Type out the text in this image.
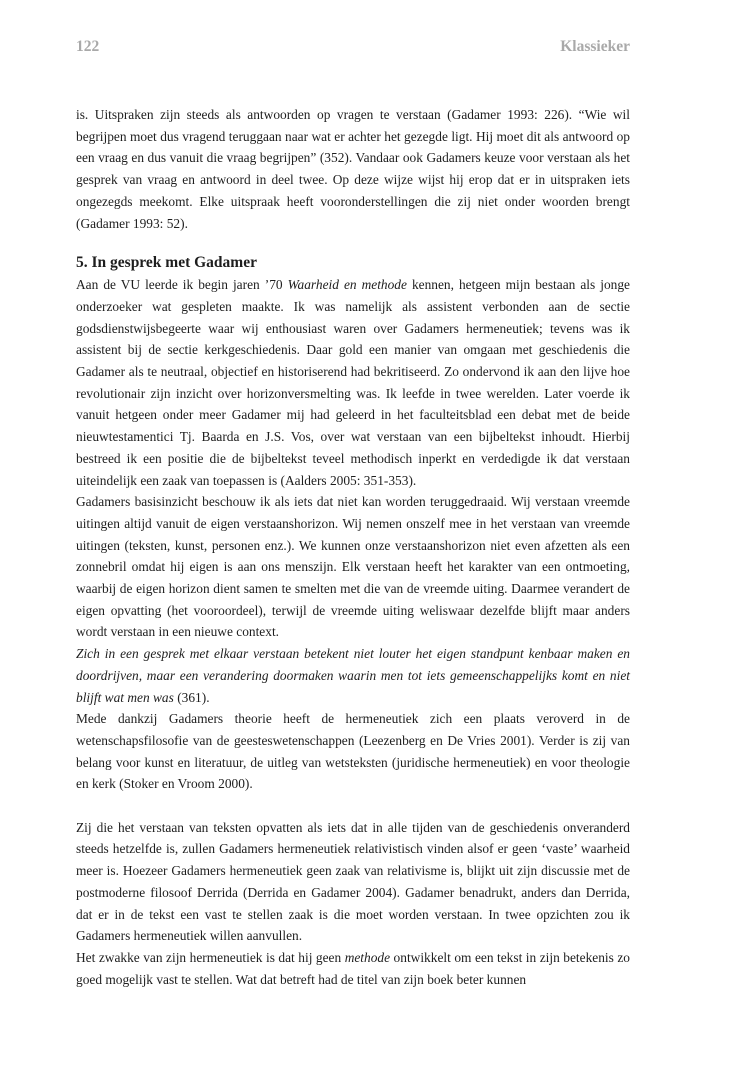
122	Klassieker

is. Uitspraken zijn steeds als antwoorden op vragen te verstaan (Gadamer 1993: 226). “Wie wil begrijpen moet dus vragend teruggaan naar wat er achter het gezegde ligt. Hij moet dit als antwoord op een vraag en dus vanuit die vraag begrijpen” (352). Vandaar ook Gadamers keuze voor verstaan als het gesprek van vraag en antwoord in deel twee. Op deze wijze wijst hij erop dat er in uitspraken iets ongezegds meekomt. Elke uitspraak heeft vooronderstellingen die zij niet onder woorden brengt (Gadamer 1993: 52).

5. In gesprek met Gadamer

Aan de VU leerde ik begin jaren ’70 Waarheid en methode kennen, hetgeen mijn bestaan als jonge onderzoeker wat gespleten maakte. Ik was namelijk als assistent verbonden aan de sectie godsdienstwijsbegeerte waar wij enthousiast waren over Gadamers hermeneutiek; tevens was ik assistent bij de sectie kerkgeschiedenis. Daar gold een manier van omgaan met geschiedenis die Gadamer als te neutraal, objectief en historiserend had bekritiseerd. Zo ondervond ik aan den lijve hoe revolutionair zijn inzicht over horizonversmelting was. Ik leefde in twee werelden. Later voerde ik vanuit hetgeen onder meer Gadamer mij had geleerd in het faculteitsblad een debat met de beide nieuwtestamentici Tj. Baarda en J.S. Vos, over wat verstaan van een bijbeltekst inhoudt. Hierbij bestreed ik een positie die de bijbeltekst teveel methodisch inperkt en verdedigde ik dat verstaan uiteindelijk een zaak van toepassen is (Aalders 2005: 351-353).

Gadamers basisinzicht beschouw ik als iets dat niet kan worden teruggedraaid. Wij verstaan vreemde uitingen altijd vanuit de eigen verstaanshorizon. Wij nemen onszelf mee in het verstaan van vreemde uitingen (teksten, kunst, personen enz.). We kunnen onze verstaanshorizon niet even afzetten als een zonnebril omdat hij eigen is aan ons menszijn. Elk verstaan heeft het karakter van een ontmoeting, waarbij de eigen horizon dient samen te smelten met die van de vreemde uiting. Daarmee verandert de eigen opvatting (het vooroordeel), terwijl de vreemde uiting weliswaar dezelfde blijft maar anders wordt verstaan in een nieuwe context.

Zich in een gesprek met elkaar verstaan betekent niet louter het eigen standpunt kenbaar maken en doordrijven, maar een verandering doormaken waarin men tot iets gemeenschappelijks komt en niet blijft wat men was (361).

Mede dankzij Gadamers theorie heeft de hermeneutiek zich een plaats veroverd in de wetenschapsfilosofie van de geesteswetenschappen (Leezenberg en De Vries 2001). Verder is zij van belang voor kunst en literatuur, de uitleg van wetsteksten (juridische hermeneutiek) en voor theologie en kerk (Stoker en Vroom 2000).

Zij die het verstaan van teksten opvatten als iets dat in alle tijden van de geschiedenis onveranderd steeds hetzelfde is, zullen Gadamers hermeneutiek relativistisch vinden alsof er geen ‘vaste’ waarheid meer is. Hoezeer Gadamers hermeneutiek geen zaak van relativisme is, blijkt uit zijn discussie met de postmoderne filosoof Derrida (Derrida en Gadamer 2004). Gadamer benadrukt, anders dan Derrida, dat er in de tekst een vast te stellen zaak is die moet worden verstaan. In twee opzichten zou ik Gadamers hermeneutiek willen aanvullen.

Het zwakke van zijn hermeneutiek is dat hij geen methode ontwikkelt om een tekst in zijn betekenis zo goed mogelijk vast te stellen. Wat dat betreft had de titel van zijn boek beter kunnen
